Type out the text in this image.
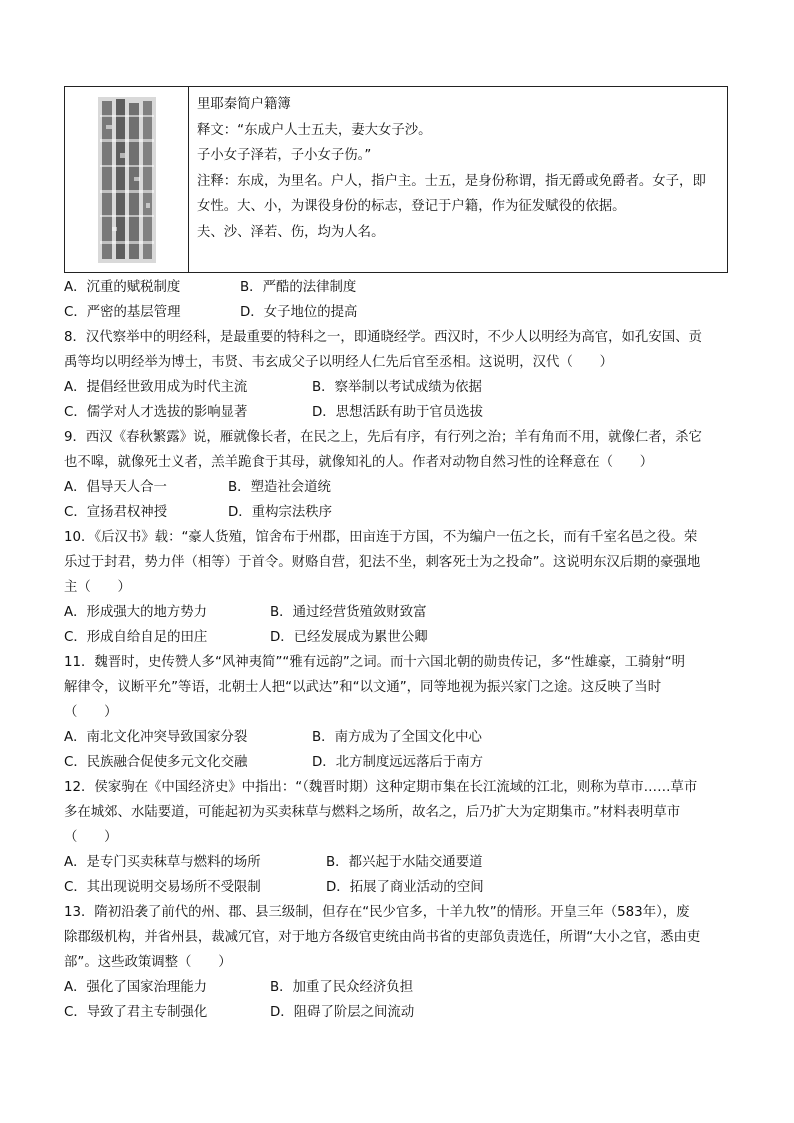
里耶秦简户籍簿
释文：“东成户人士五夫，妻大女子沙。
子小女子泽若，子小女子伤。”
注释：东成，为里名。户人，指户主。士五，是身份称谓，指无爵或免爵者。女子，即
女性。大、小，为课役身份的标志，登记于户籍，作为征发赋役的依据。
夫、沙、泽若、伤，均为人名。
A．沉重的赋税制度	B．严酷的法律制度
C．严密的基层管理	D．女子地位的提高
8．汉代察举中的明经科，是最重要的特科之一，即通晓经学。西汉时，不少人以明经为高官，如孔安国、贡
禹等均以明经举为博士，韦贤、韦玄成父子以明经人仁先后官至丞相。这说明，汉代（　　）
A．提倡经世致用成为时代主流	B．察举制以考试成绩为依据
C．儒学对人才选拔的影响显著	D．思想活跃有助于官员选拔
9．西汉《春秋繁露》说，雁就像长者，在民之上，先后有序，有行列之治；羊有角而不用，就像仁者，杀它
也不嗥，就像死士义者，羔羊跪食于其母，就像知礼的人。作者对动物自然习性的诠释意在（　　）
A．倡导天人合一	B．塑造社会道统
C．宣扬君权神授	D．重构宗法秩序
10．《后汉书》载：“豪人货殖，馆舍布于州郡，田亩连于方国，不为编户一伍之长，而有千室名邑之役。荣
乐过于封君，势力伴（相等）于首令。财赂自营，犯法不坐，刺客死士为之投命”。这说明东汉后期的豪强地
主（　　）
A．形成强大的地方势力	B．通过经营货殖敛财致富
C．形成自给自足的田庄	D．已经发展成为累世公卿
11．魏晋时，史传赞人多“风神夷简”“雅有远韵”之词。而十六国北朝的勋贵传记，多“性雄豪，工骑射“明
解律令，议断平允”等语，北朝士人把“以武达”和“以文通”，同等地视为振兴家门之途。这反映了当时
（　　）
A．南北文化冲突导致国家分裂	B．南方成为了全国文化中心
C．民族融合促使多元文化交融	D．北方制度远远落后于南方
12．侯家驹在《中国经济史》中指出：“（魏晋时期）这种定期市集在长江流域的江北，则称为草市……草市
多在城郊、水陆要道，可能起初为买卖秣草与燃料之场所，故名之，后乃扩大为定期集市。”材料表明草市
（　　）
A．是专门买卖秣草与燃料的场所	B．都兴起于水陆交通要道
C．其出现说明交易场所不受限制	D．拓展了商业活动的空间
13．隋初沿袭了前代的州、郡、县三级制，但存在“民少官多，十羊九牧”的情形。开皇三年（583年），废
除郡级机构，并省州县，裁减冗官，对于地方各级官吏统由尚书省的吏部负责选任，所谓“大小之官，悉由吏
部”。这些政策调整（　　）
A．强化了国家治理能力	B．加重了民众经济负担
C．导致了君主专制强化	D．阻碍了阶层之间流动
